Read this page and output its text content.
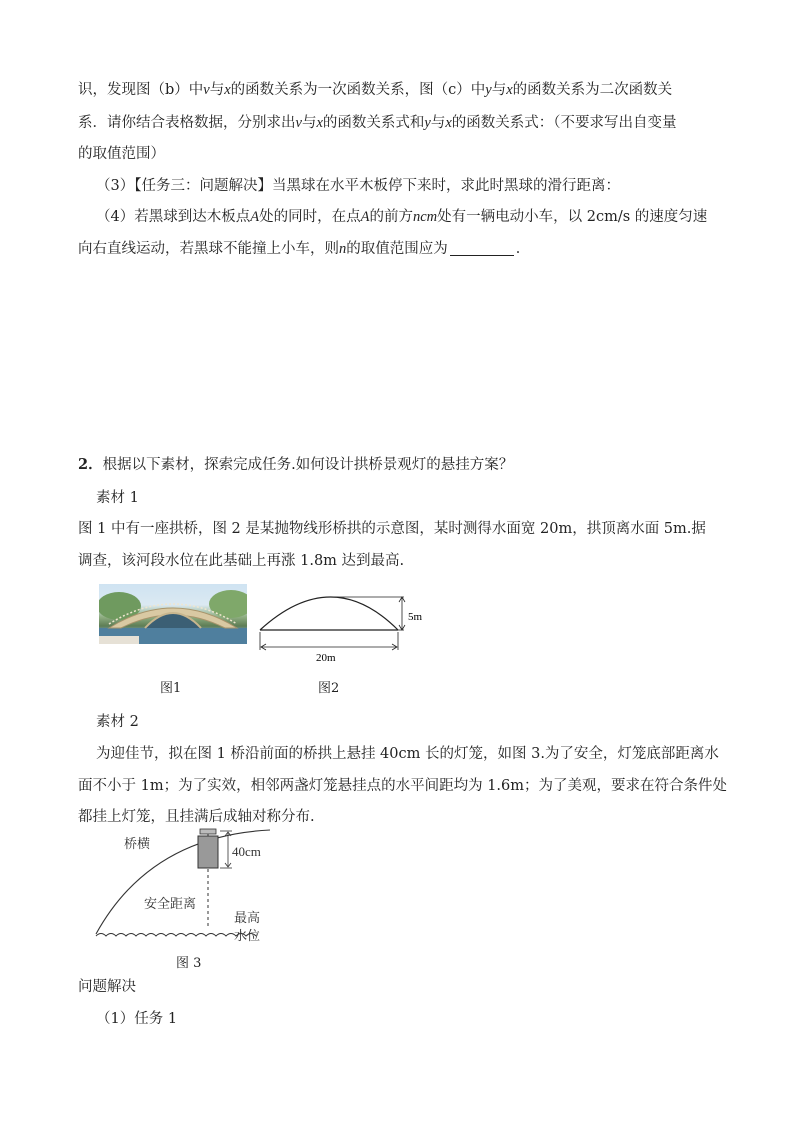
识，发现图（b）中v与x的函数关系为一次函数关系，图（c）中y与x的函数关系为二次函数关
系．请你结合表格数据，分别求出v与x的函数关系式和y与x的函数关系式：（不要求写出自变量
的取值范围）
（3）【任务三：问题解决】当黑球在水平木板停下来时，求此时黑球的滑行距离：
（4）若黑球到达木板点A处的同时，在点A的前方ncm处有一辆电动小车，以 2cm/s 的速度匀速
向右直线运动，若黑球不能撞上小车，则n的取值范围应为	．
2．根据以下素材，探索完成任务.如何设计拱桥景观灯的悬挂方案？
素材 1
图 1 中有一座拱桥，图 2 是某抛物线形桥拱的示意图，某时测得水面宽 20m，拱顶离水面 5m.据
调查，该河段水位在此基础上再涨 1.8m 达到最高.
5m
20m
图1	图2
素材 2
为迎佳节，拟在图 1 桥沿前面的桥拱上悬挂 40cm 长的灯笼，如图 3.为了安全，灯笼底部距离水
面不小于 1m；为了实效，相邻两盏灯笼悬挂点的水平间距均为 1.6m；为了美观，要求在符合条件处
都挂上灯笼，且挂满后成轴对称分布.
桥横	40cm
安全距离
最高
水位
图 3
问题解决
（1）任务 1
